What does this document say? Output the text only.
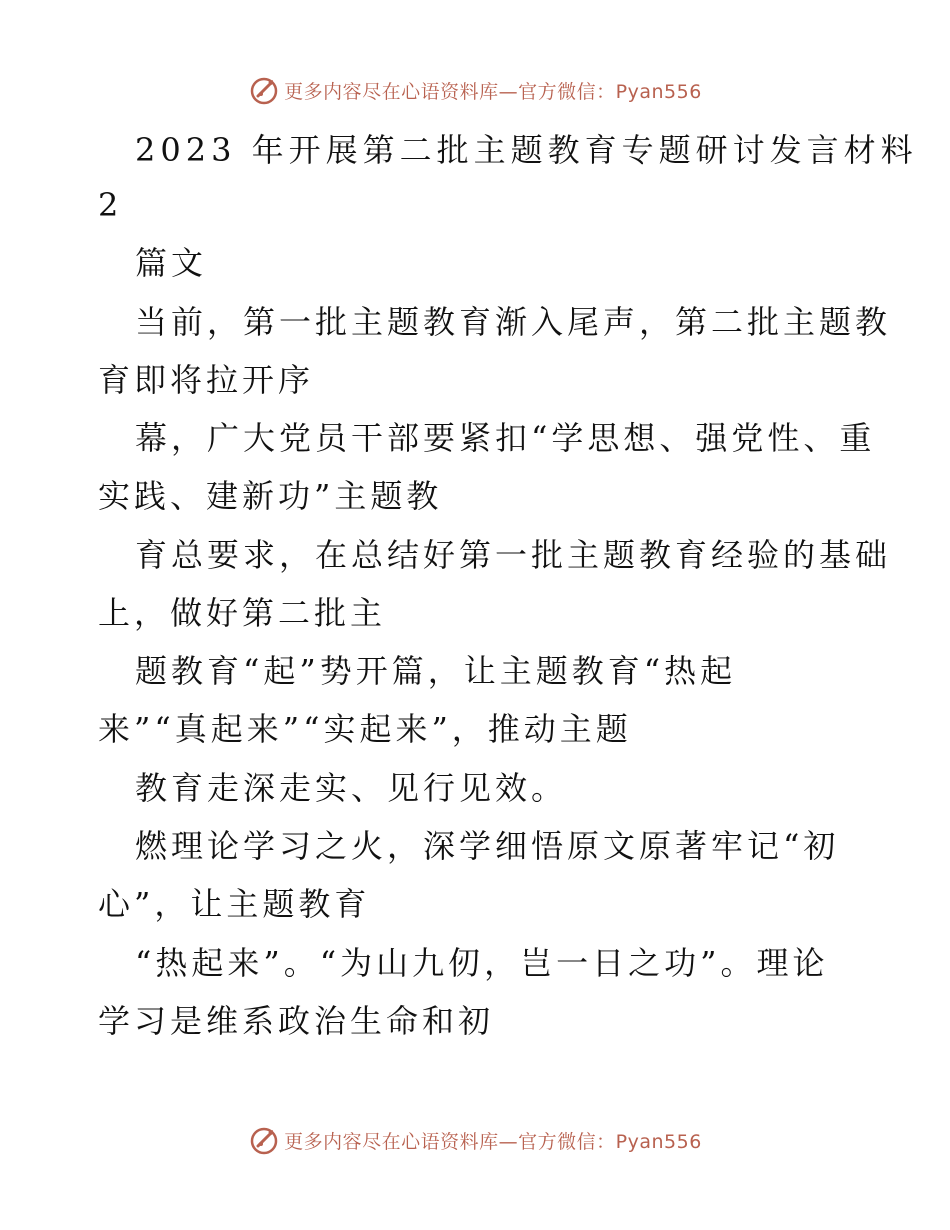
更多内容尽在心语资料库—官方微信：Pyan556
2023 年开展第二批主题教育专题研讨发言材料
2
篇文
当前，第一批主题教育渐入尾声，第二批主题教
育即将拉开序
幕，广大党员干部要紧扣“学思想、强党性、重
实践、建新功”主题教
育总要求，在总结好第一批主题教育经验的基础
上，做好第二批主
题教育“起”势开篇，让主题教育“热起
来”“真起来”“实起来”，推动主题
教育走深走实、见行见效。
燃理论学习之火，深学细悟原文原著牢记“初
心”，让主题教育
“热起来”。“为山九仞，岂一日之功”。理论
学习是维系政治生命和初
更多内容尽在心语资料库—官方微信：Pyan556
